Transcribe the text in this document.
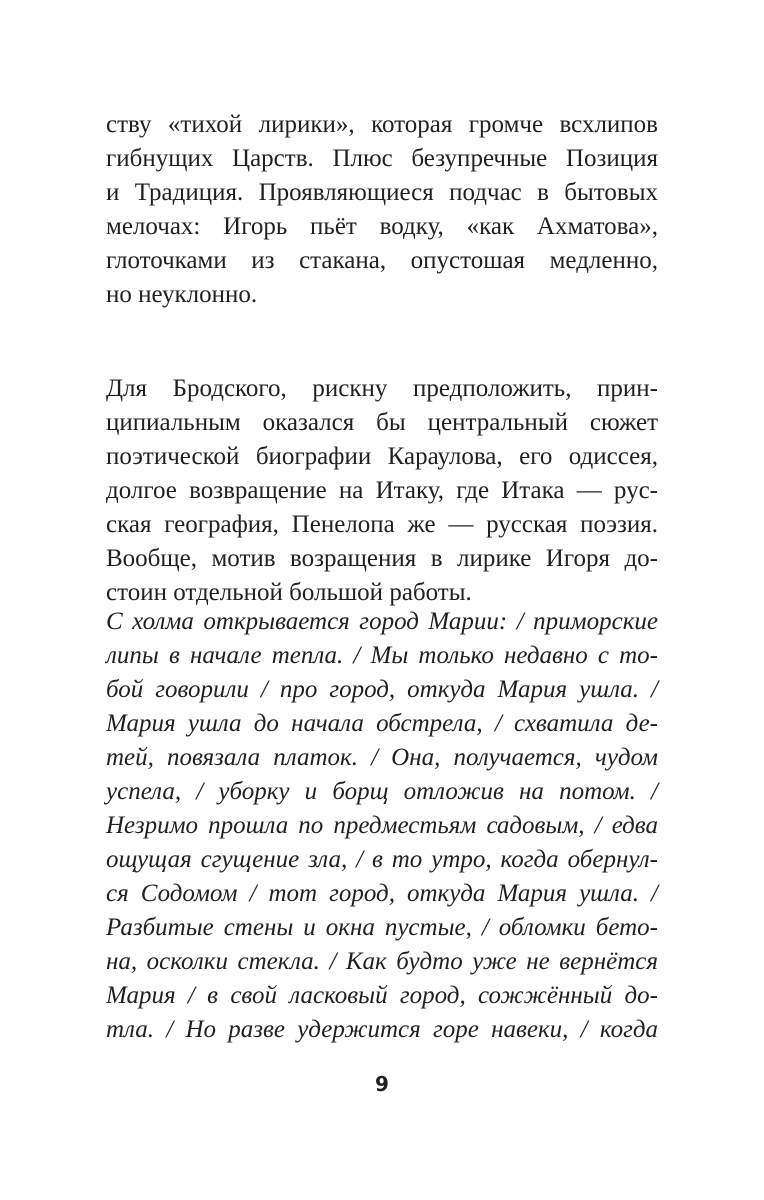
ству «тихой лирики», которая громче всхлипов
гибнущих Царств. Плюс безупречные Позиция
и Традиция. Проявляющиеся подчас в бытовых
мелочах: Игорь пьёт водку, «как Ахматова»,
глоточками из стакана, опустошая медленно,
но неуклонно.
Для Бродского, рискну предположить, прин-
ципиальным оказался бы центральный сюжет
поэтической биографии Караулова, его одиссея,
долгое возвращение на Итаку, где Итака — рус-
ская география, Пенелопа же — русская поэзия.
Вообще, мотив возращения в лирике Игоря до-
стоин отдельной большой работы.
С холма открывается город Марии: / приморские
липы в начале тепла. / Мы только недавно с то-
бой говорили / про город, откуда Мария ушла. /
Мария ушла до начала обстрела, / схватила де-
тей, повязала платок. / Она, получается, чудом
успела, / уборку и борщ отложив на потом. /
Незримо прошла по предместьям садовым, / едва
ощущая сгущение зла, / в то утро, когда обернул-
ся Содомом / тот город, откуда Мария ушла. /
Разбитые стены и окна пустые, / обломки бето-
на, осколки стекла. / Как будто уже не вернётся
Мария / в свой ласковый город, сожжённый до-
тла. / Но разве удержится горе навеки, / когда
9
